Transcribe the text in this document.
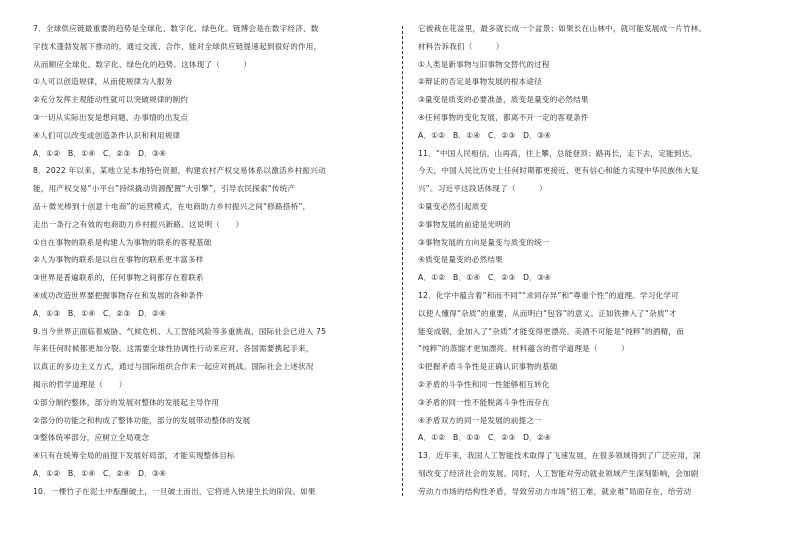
7．全球供应链最重要的趋势是全球化、数字化、绿色化。链博会是在数字经济、数
字技术蓬勃发展下推动的，通过交流、合作，能对全球供应链提速起到很好的作用，
从而顺应全球化、数字化、绿色化的趋势。这体现了（　　　）
①人可以创造规律，从而使规律为人服务
②充分发挥主观能动性就可以突破规律的制约
③一切从实际出发是想问题、办事情的出发点
④人们可以改变或创造条件认识和利用规律
A．①②　B．①④　C．②③　D．③④
8．2022 年以来，某地立足本地特色资源，构建农村产权交易体系以激活乡村振兴动
能，用产权交易“小平台”持续撬动资源配置“大引擎”，引导农民探索“传统产
品＋微光棒到十创意十电商”的运营模式，在电商助力乡村振兴之间“修路搭桥”，
走出一条行之有效的电商助力乡村振兴新路。这说明（　　）
①自在事物的联系是构建人为事物的联系的客观基础
②人为事物的联系是以自在事物的联系更丰富多样
③世界是普遍联系的，任何事物之间都存在着联系
④成功改造世界要把握事物存在和发展的各种条件
A．①③　B．①④　C．②③　D．②④
9.当今世界正面临着威胁、气候危机、人工智能风险等多重挑战，国际社会已进入 75
年来任何时候都更加分裂。这需要全球性协调性行动来应对。各国需要携起手来，
以真正的多边主义方式，通过与国际组织合作来一起应对挑战。国际社会上述状况
揭示的哲学道理是（　　）
①部分制约整体，部分的发展对整体的发展起主导作用
②部分的功能之和构成了整体功能，部分的发展带动整体的发展
③整体统率部分，应树立全局观念
④只有在统筹全局的前提下发展好局部，才能实现整体目标
A．①②　B．①④　C．②④　D．③④
10．一棵竹子在泥土中酝酿破土，一旦破土而出，它将进入快速生长的阶段。如果
它被栽在花盆里，最多就长成一个盆景；如果长在山林中，就可能发展成一片竹林。
材料告诉我们（　　　）
①人类是新事物与旧事物交替代的过程
②辩证的否定是事物发展的根本途径
③量变是质变的必要准备，质变是量变的必然结果
④任何事物的变化发展，都离不开一定的客观条件
A．①②　B．①④　C．②③　D．③④
11．“中国人民相信，山再高，往上攀，总能登顶；路再长，走下去，定能到达。
今天，中国人民比历史上任何时期都更接近、更有信心和能力实现中华民族伟大复
兴”。习近平这段话体现了（　　　）
①量变必然引起质变
②事物发展的前途是光明的
③事物发展的方向是量变与质变的统一
④质变是量变的必然结果
A．①②　B．①④　C．②③　D．③④
12．化学中蕴含着“和而不同”“求同存异”和“尊重个性”的道理。学习化学可
以使人懂得“杂质”的重要，从而明白“包容”的意义。正如铁掺入了“杂质”才
能变成钢，金加入了“杂质”才能变得更漂亮。美酒不可能是“纯粹”的酒精，而
“纯粹”的蒸馏才更加漂亮。材料蕴含的哲学道理是（　　　）
①把握矛盾斗争性是正确认识事物的基础
②矛盾的斗争性和同一性能够相互转化
③矛盾的同一性不能脱离斗争性而存在
④矛盾双方的同一是发展的前提之一
A．①②　B．①③　C．②③　D．②④
13．近年来，我国人工智能技术取得了飞速发展，在很多领域得到了广泛应用，深
刻改变了经济社会的发展。同时，人工智能对劳动就业领域产生深刻影响，会加剧
劳动力市场的结构性矛盾，导致劳动力市场“招工难，就业难”局面存在，给劳动
